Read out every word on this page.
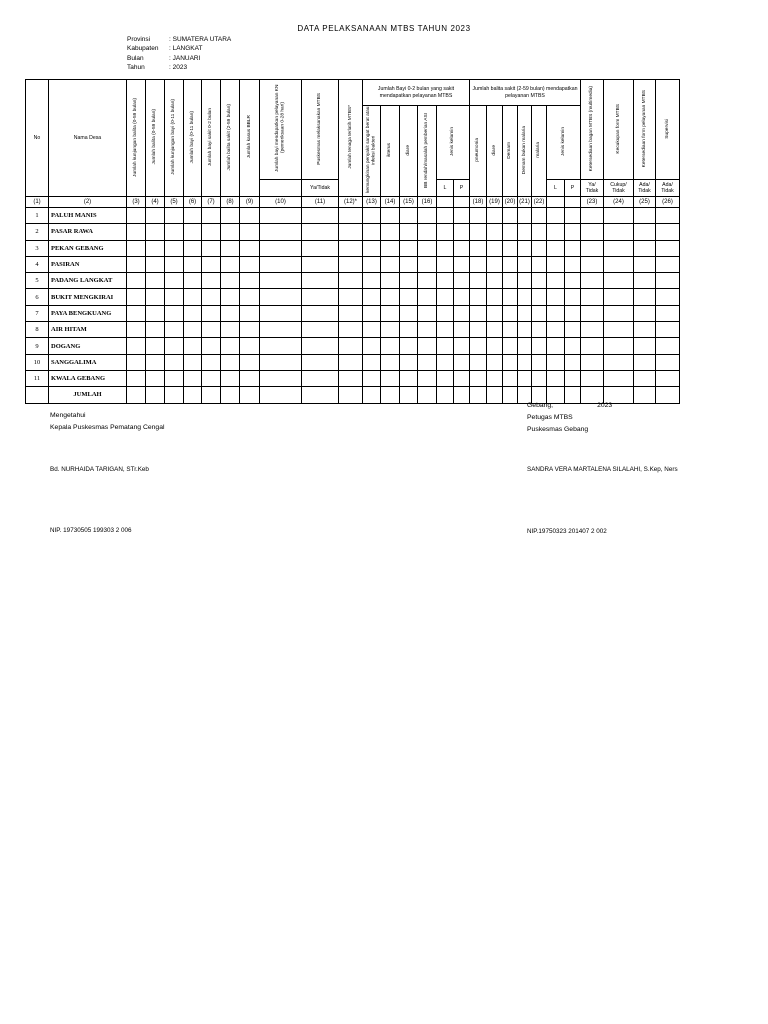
DATA PELAKSANAAN MTBS TAHUN 2023
Provinsi	: SUMATERA UTARA
Kabupaten	: LANGKAT
Bulan	: JANUARI
Tahun	: 2023
No	Nama Desa	Jumlah kunjungan balita (0-59 bulan)	Jumlah balita (0-59 bulan)	Jumlah kunjungan bayi (0-11 bulan)	Jumlah bayi (0-11 bulan)	Jumlah bayi sakit 0-2 bulan	Jumlah balita sakit (2-59 bulan)	Jumlah kasus BBLR	Jumlah bayi mendapatkan pelayanan KN (pemeriksaan 0-28 hari)	Puskesmas melaksanakan MTBS	Jumlah tenaga terlatih MTBS*	Jumlah Bayi 0-2 bulan yang sakit mendapatkan pelayanan MTBS						Jumlah balita sakit (2-59 bulan) mendapatkan pelayanan MTBS							Ketersediaan bagan MTBS (multimedia)	Kecukupan form MTBS	Ketersediaan form pelayanan MTBS	Supervisi
												kemungkinan penyakit sangat berat atau infeksi bakteri	ikterus	diare	BB rendah/masalah pemberian ASI	Jenis kelamin		pneumonia	diare	Demam	Demam bukan malaria	malaria	Jenis kelamin					

										Ya/Tidak						L	P						L	P	Ya/ Tidak	Cukup/ Tidak	Ada/ Tidak	Ada/ Tidak

(1)	(2)	(3)	(4)	(5)	(6)	(7)	(8)	(9)	(10)	(11)	(12)*	(13)	(14)	(15)	(16)			(18)	(19)	(20)	(21)	(22)			(23)	(24)	(25)	(26)
1	PALUH MANIS																											
2	PASAR RAWA																											
3	PEKAN GEBANG																											
4	PASIRAN																											
5	PADANG LANGKAT																											
6	BUKIT MENGKIRAI																											
7	PAYA BENGKUANG																											
8	AIR HITAM																											
9	DOGANG																											
10	SANGGALIMA																											
11	KWALA GEBANG																											
	JUMLAH																											
Mengetahui
Kepala Puskesmas Pematang Cengal
Bd. NURHAIDA TARIGAN, STr.Keb
NIP. 19730505 199303 2 006
Gebang,	2023
Petugas MTBS
Puskesmas Gebang
SANDRA VERA MARTALENA SILALAHI, S.Kep, Ners
NIP.19750323 201407 2 002
